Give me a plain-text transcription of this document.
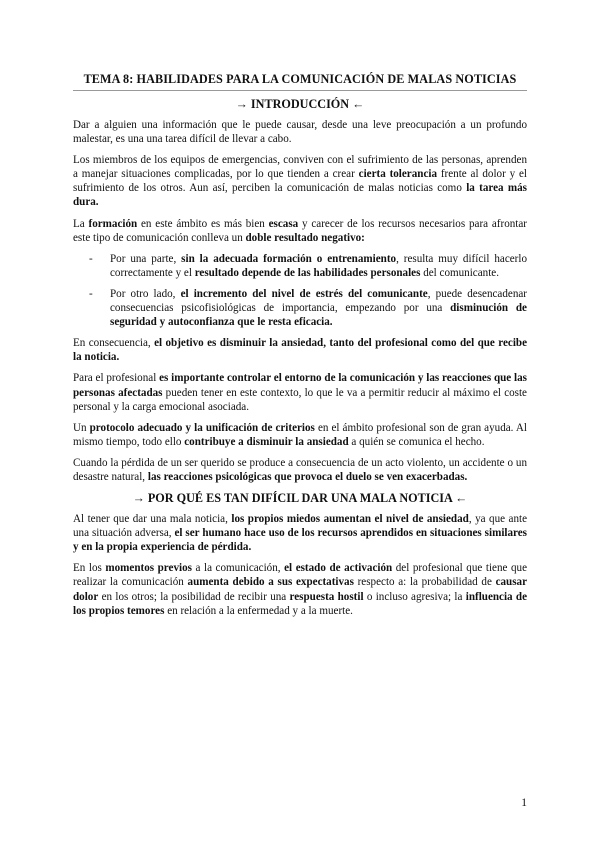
TEMA 8: HABILIDADES PARA LA COMUNICACIÓN DE MALAS NOTICIAS
→ INTRODUCCIÓN ←

Dar a alguien una información que le puede causar, desde una leve preocupación a un profundo malestar, es una una tarea difícil de llevar a cabo.

Los miembros de los equipos de emergencias, conviven con el sufrimiento de las personas, aprenden a manejar situaciones complicadas, por lo que tienden a crear cierta tolerancia frente al dolor y el sufrimiento de los otros. Aun así, perciben la comunicación de malas noticias como la tarea más dura.

La formación en este ámbito es más bien escasa y carecer de los recursos necesarios para afrontar este tipo de comunicación conlleva un doble resultado negativo:

- Por una parte, sin la adecuada formación o entrenamiento, resulta muy difícil hacerlo correctamente y el resultado depende de las habilidades personales del comunicante.
- Por otro lado, el incremento del nivel de estrés del comunicante, puede desencadenar consecuencias psicofisiológicas de importancia, empezando por una disminución de seguridad y autoconfianza que le resta eficacia.

En consecuencia, el objetivo es disminuir la ansiedad, tanto del profesional como del que recibe la noticia.

Para el profesional es importante controlar el entorno de la comunicación y las reacciones que las personas afectadas pueden tener en este contexto, lo que le va a permitir reducir al máximo el coste personal y la carga emocional asociada.

Un protocolo adecuado y la unificación de criterios en el ámbito profesional son de gran ayuda. Al mismo tiempo, todo ello contribuye a disminuir la ansiedad a quién se comunica el hecho.

Cuando la pérdida de un ser querido se produce a consecuencia de un acto violento, un accidente o un desastre natural, las reacciones psicológicas que provoca el duelo se ven exacerbadas.

→ POR QUÉ ES TAN DIFÍCIL DAR UNA MALA NOTICIA ←

Al tener que dar una mala noticia, los propios miedos aumentan el nivel de ansiedad, ya que ante una situación adversa, el ser humano hace uso de los recursos aprendidos en situaciones similares y en la propia experiencia de pérdida.

En los momentos previos a la comunicación, el estado de activación del profesional que tiene que realizar la comunicación aumenta debido a sus expectativas respecto a: la probabilidad de causar dolor en los otros; la posibilidad de recibir una respuesta hostil o incluso agresiva; la influencia de los propios temores en relación a la enfermedad y a la muerte.

1
